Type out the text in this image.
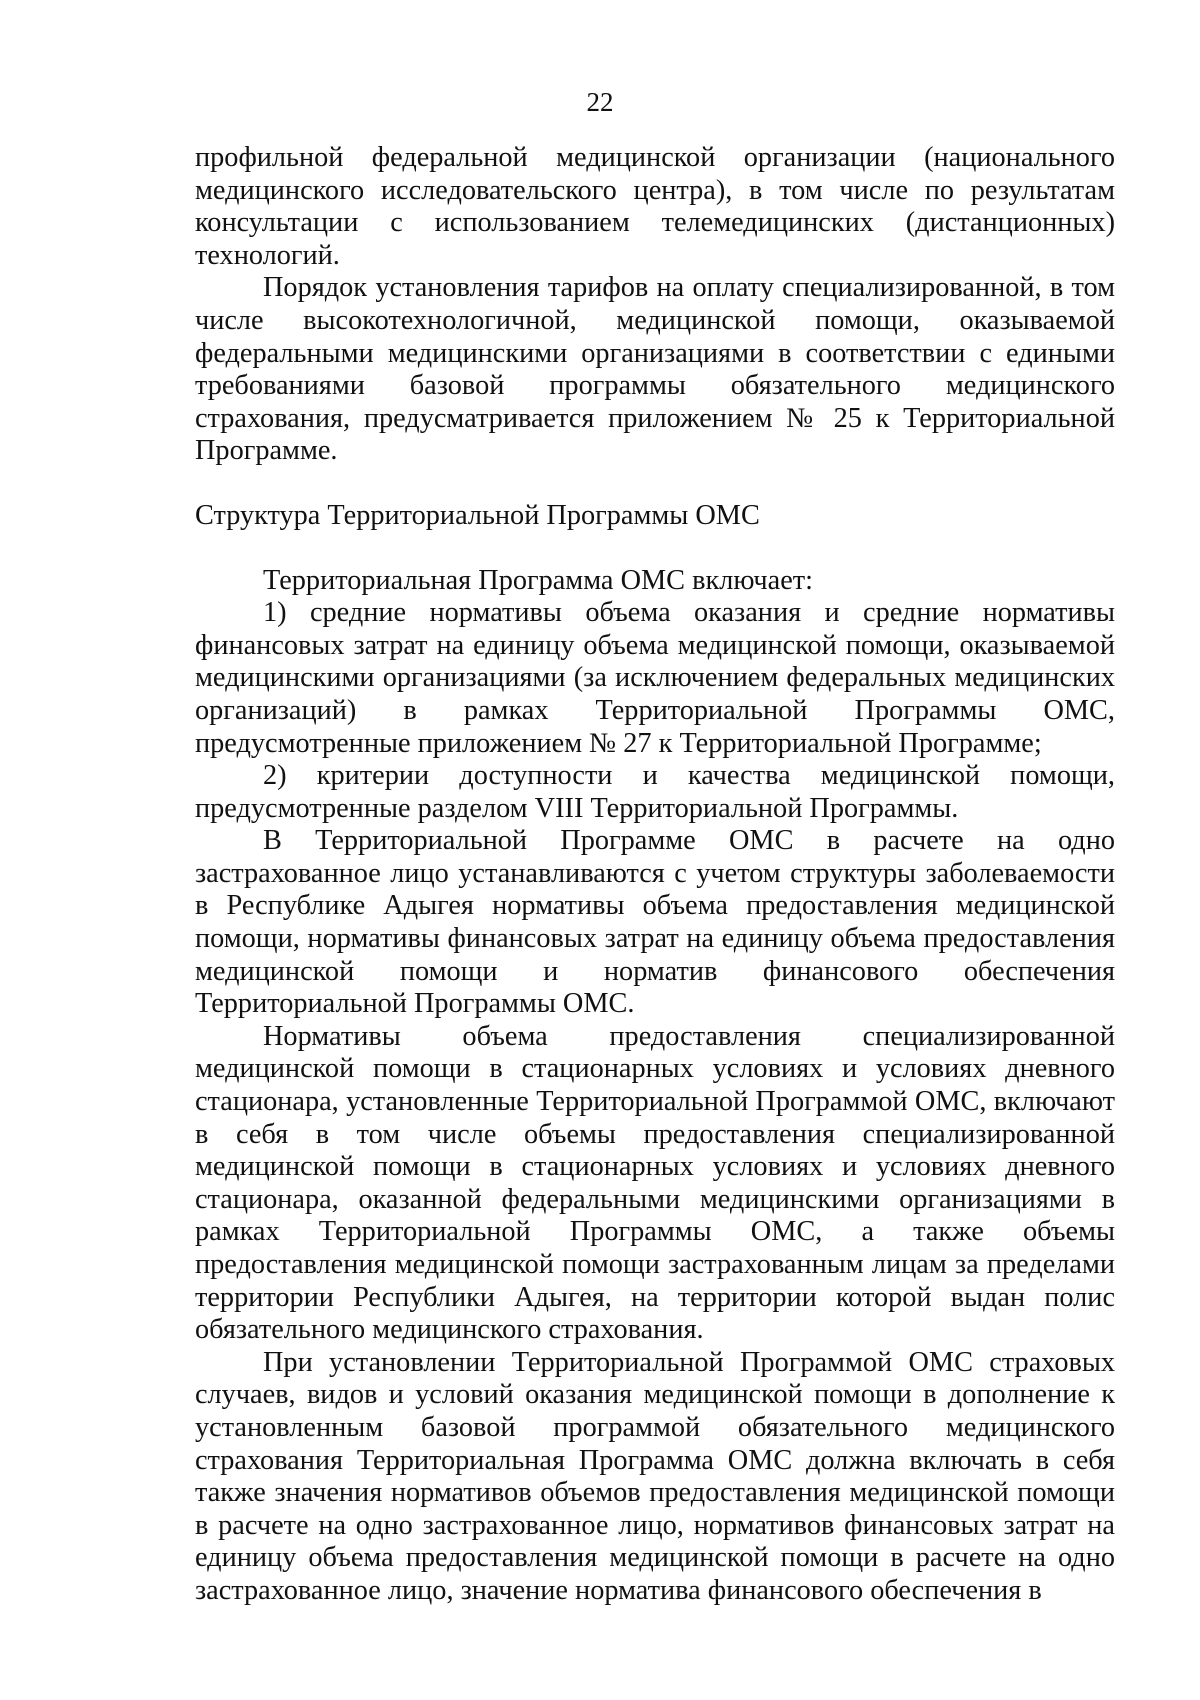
22

профильной федеральной медицинской организации (национального медицинского исследовательского центра), в том числе по результатам консультации с использованием телемедицинских (дистанционных) технологий.

Порядок установления тарифов на оплату специализированной, в том числе высокотехнологичной, медицинской помощи, оказываемой федеральными медицинскими организациями в соответствии с едиными требованиями базовой программы обязательного медицинского страхования, предусматривается приложением № 25 к Территориальной Программе.

Структура Территориальной Программы ОМС

Территориальная Программа ОМС включает:

1) средние нормативы объема оказания и средние нормативы финансовых затрат на единицу объема медицинской помощи, оказываемой медицинскими организациями (за исключением федеральных медицинских организаций) в рамках Территориальной Программы ОМС, предусмотренные приложением № 27 к Территориальной Программе;

2) критерии доступности и качества медицинской помощи, предусмотренные разделом VIII Территориальной Программы.

В Территориальной Программе ОМС в расчете на одно застрахованное лицо устанавливаются с учетом структуры заболеваемости в Республике Адыгея нормативы объема предоставления медицинской помощи, нормативы финансовых затрат на единицу объема предоставления медицинской помощи и норматив финансового обеспечения Территориальной Программы ОМС.

Нормативы объема предоставления специализированной медицинской помощи в стационарных условиях и условиях дневного стационара, установленные Территориальной Программой ОМС, включают в себя в том числе объемы предоставления специализированной медицинской помощи в стационарных условиях и условиях дневного стационара, оказанной федеральными медицинскими организациями в рамках Территориальной Программы ОМС, а также объемы предоставления медицинской помощи застрахованным лицам за пределами территории Республики Адыгея, на территории которой выдан полис обязательного медицинского страхования.

При установлении Территориальной Программой ОМС страховых случаев, видов и условий оказания медицинской помощи в дополнение к установленным базовой программой обязательного медицинского страхования Территориальная Программа ОМС должна включать в себя также значения нормативов объемов предоставления медицинской помощи в расчете на одно застрахованное лицо, нормативов финансовых затрат на единицу объема предоставления медицинской помощи в расчете на одно застрахованное лицо, значение норматива финансового обеспечения в
